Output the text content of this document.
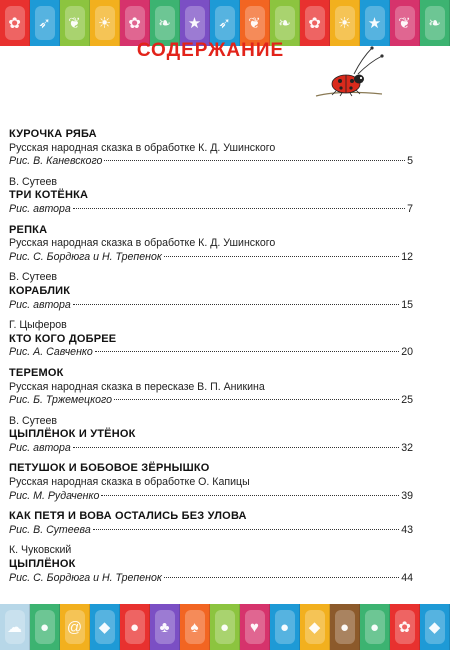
✿ ➶ ❦ ☀ ✿ ❧ ★ ➶ ❦ ❧ ✿ ☀ ★ ❦ ❧
СОДЕРЖАНИЕ
КУРОЧКА РЯБА
Русская народная сказка в обработке К. Д. Ушинского
Рис. В. Каневского	5
В. Сутеев
ТРИ КОТЁНКА
Рис. автора	7
РЕПКА
Русская народная сказка в обработке К. Д. Ушинского
Рис. С. Бордюга и Н. Трепенок	12
В. Сутеев
КОРАБЛИК
Рис. автора	15
Г. Цыферов
КТО КОГО ДОБРЕЕ
Рис. А. Савченко	20
ТЕРЕМОК
Русская народная сказка в пересказе В. П. Аникина
Рис. Б. Тржемецкого	25
В. Сутеев
ЦЫПЛЁНОК И УТЁНОК
Рис. автора	32
ПЕТУШОК И БОБОВОЕ ЗЁРНЫШКО
Русская народная сказка в обработке О. Капицы
Рис. М. Рудаченко	39
КАК ПЕТЯ И ВОВА ОСТАЛИСЬ БЕЗ УЛОВА
Рис. В. Сутеева	43
К. Чуковский
ЦЫПЛЁНОК
Рис. С. Бордюга и Н. Трепенок	44
☁ ● @ ◆ ● ♣ ♠ ● ♥ ● ◆ ● ● ✿ ◆
